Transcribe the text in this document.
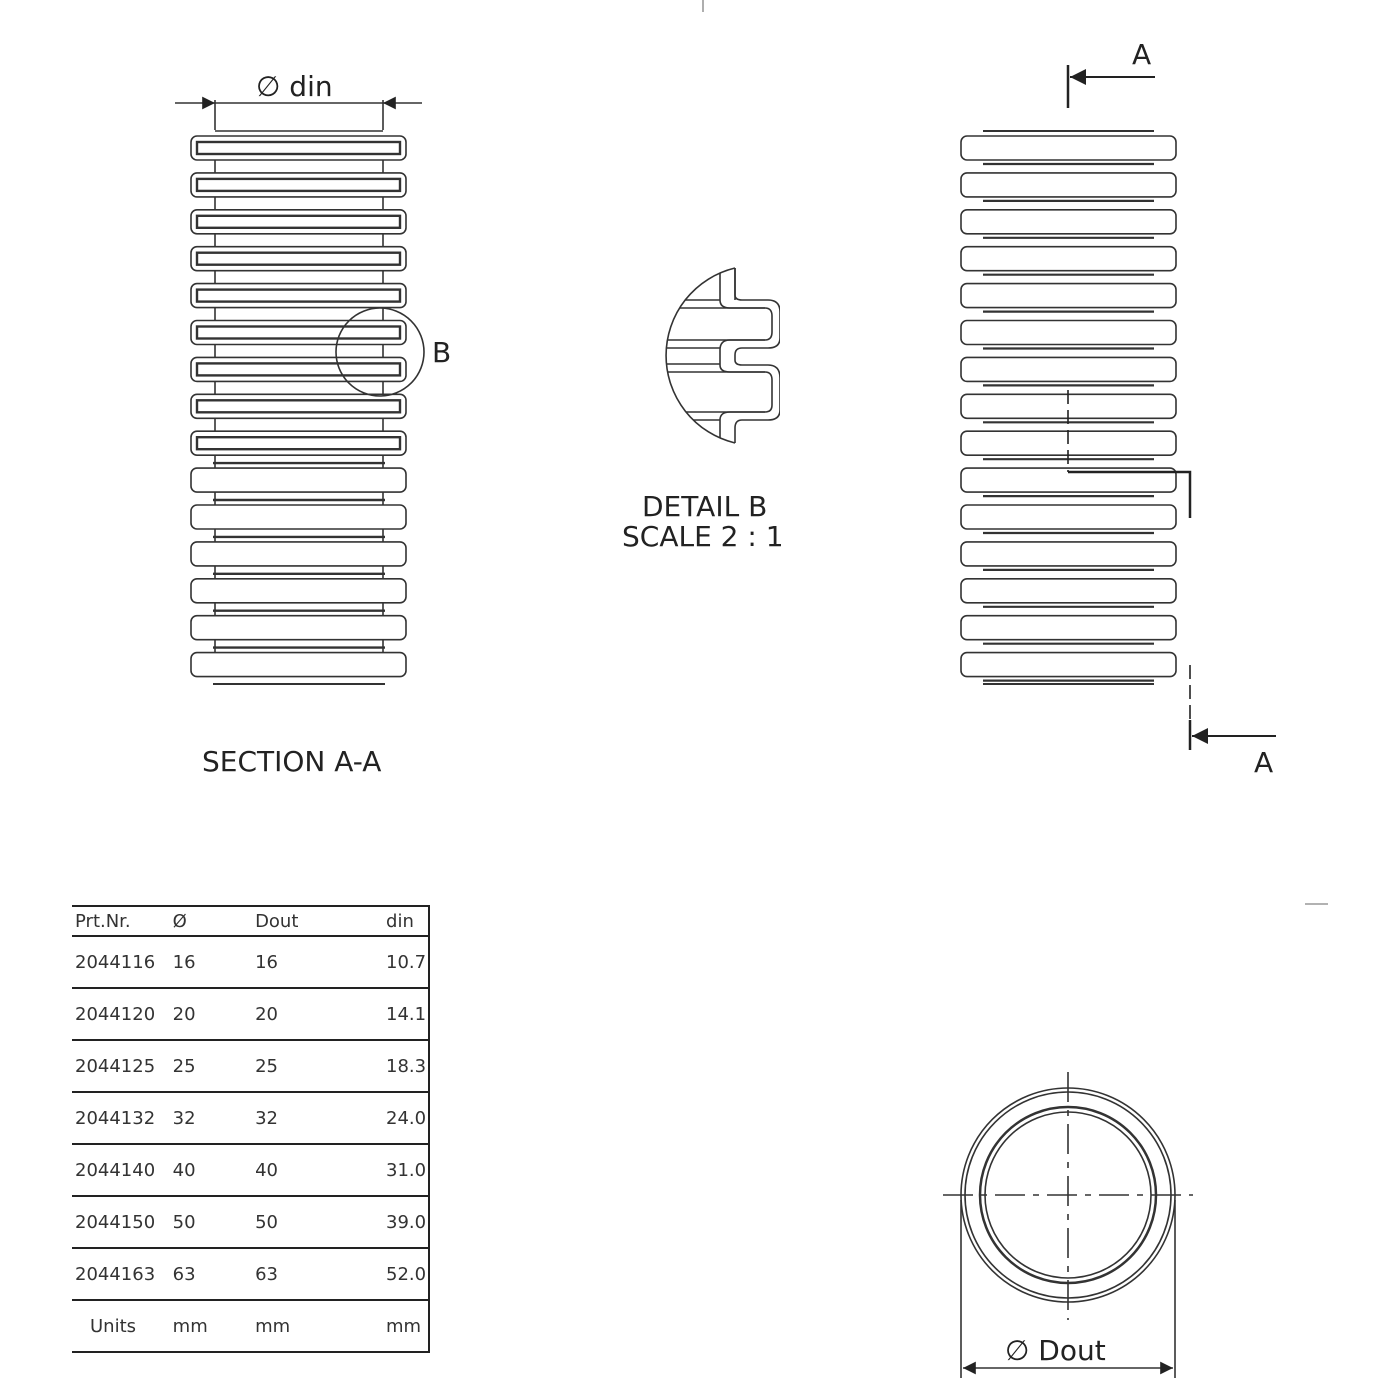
∅ din
B
SECTION A-A
DETAIL B
SCALE 2 : 1
A
A
∅ Dout
Prt.Nr.	Ø	Dout	din
2044116	16	16	10.7
2044120	20	20	14.1
2044125	25	25	18.3
2044132	32	32	24.0
2044140	40	40	31.0
2044150	50	50	39.0
2044163	63	63	52.0
Units	mm	mm	mm
